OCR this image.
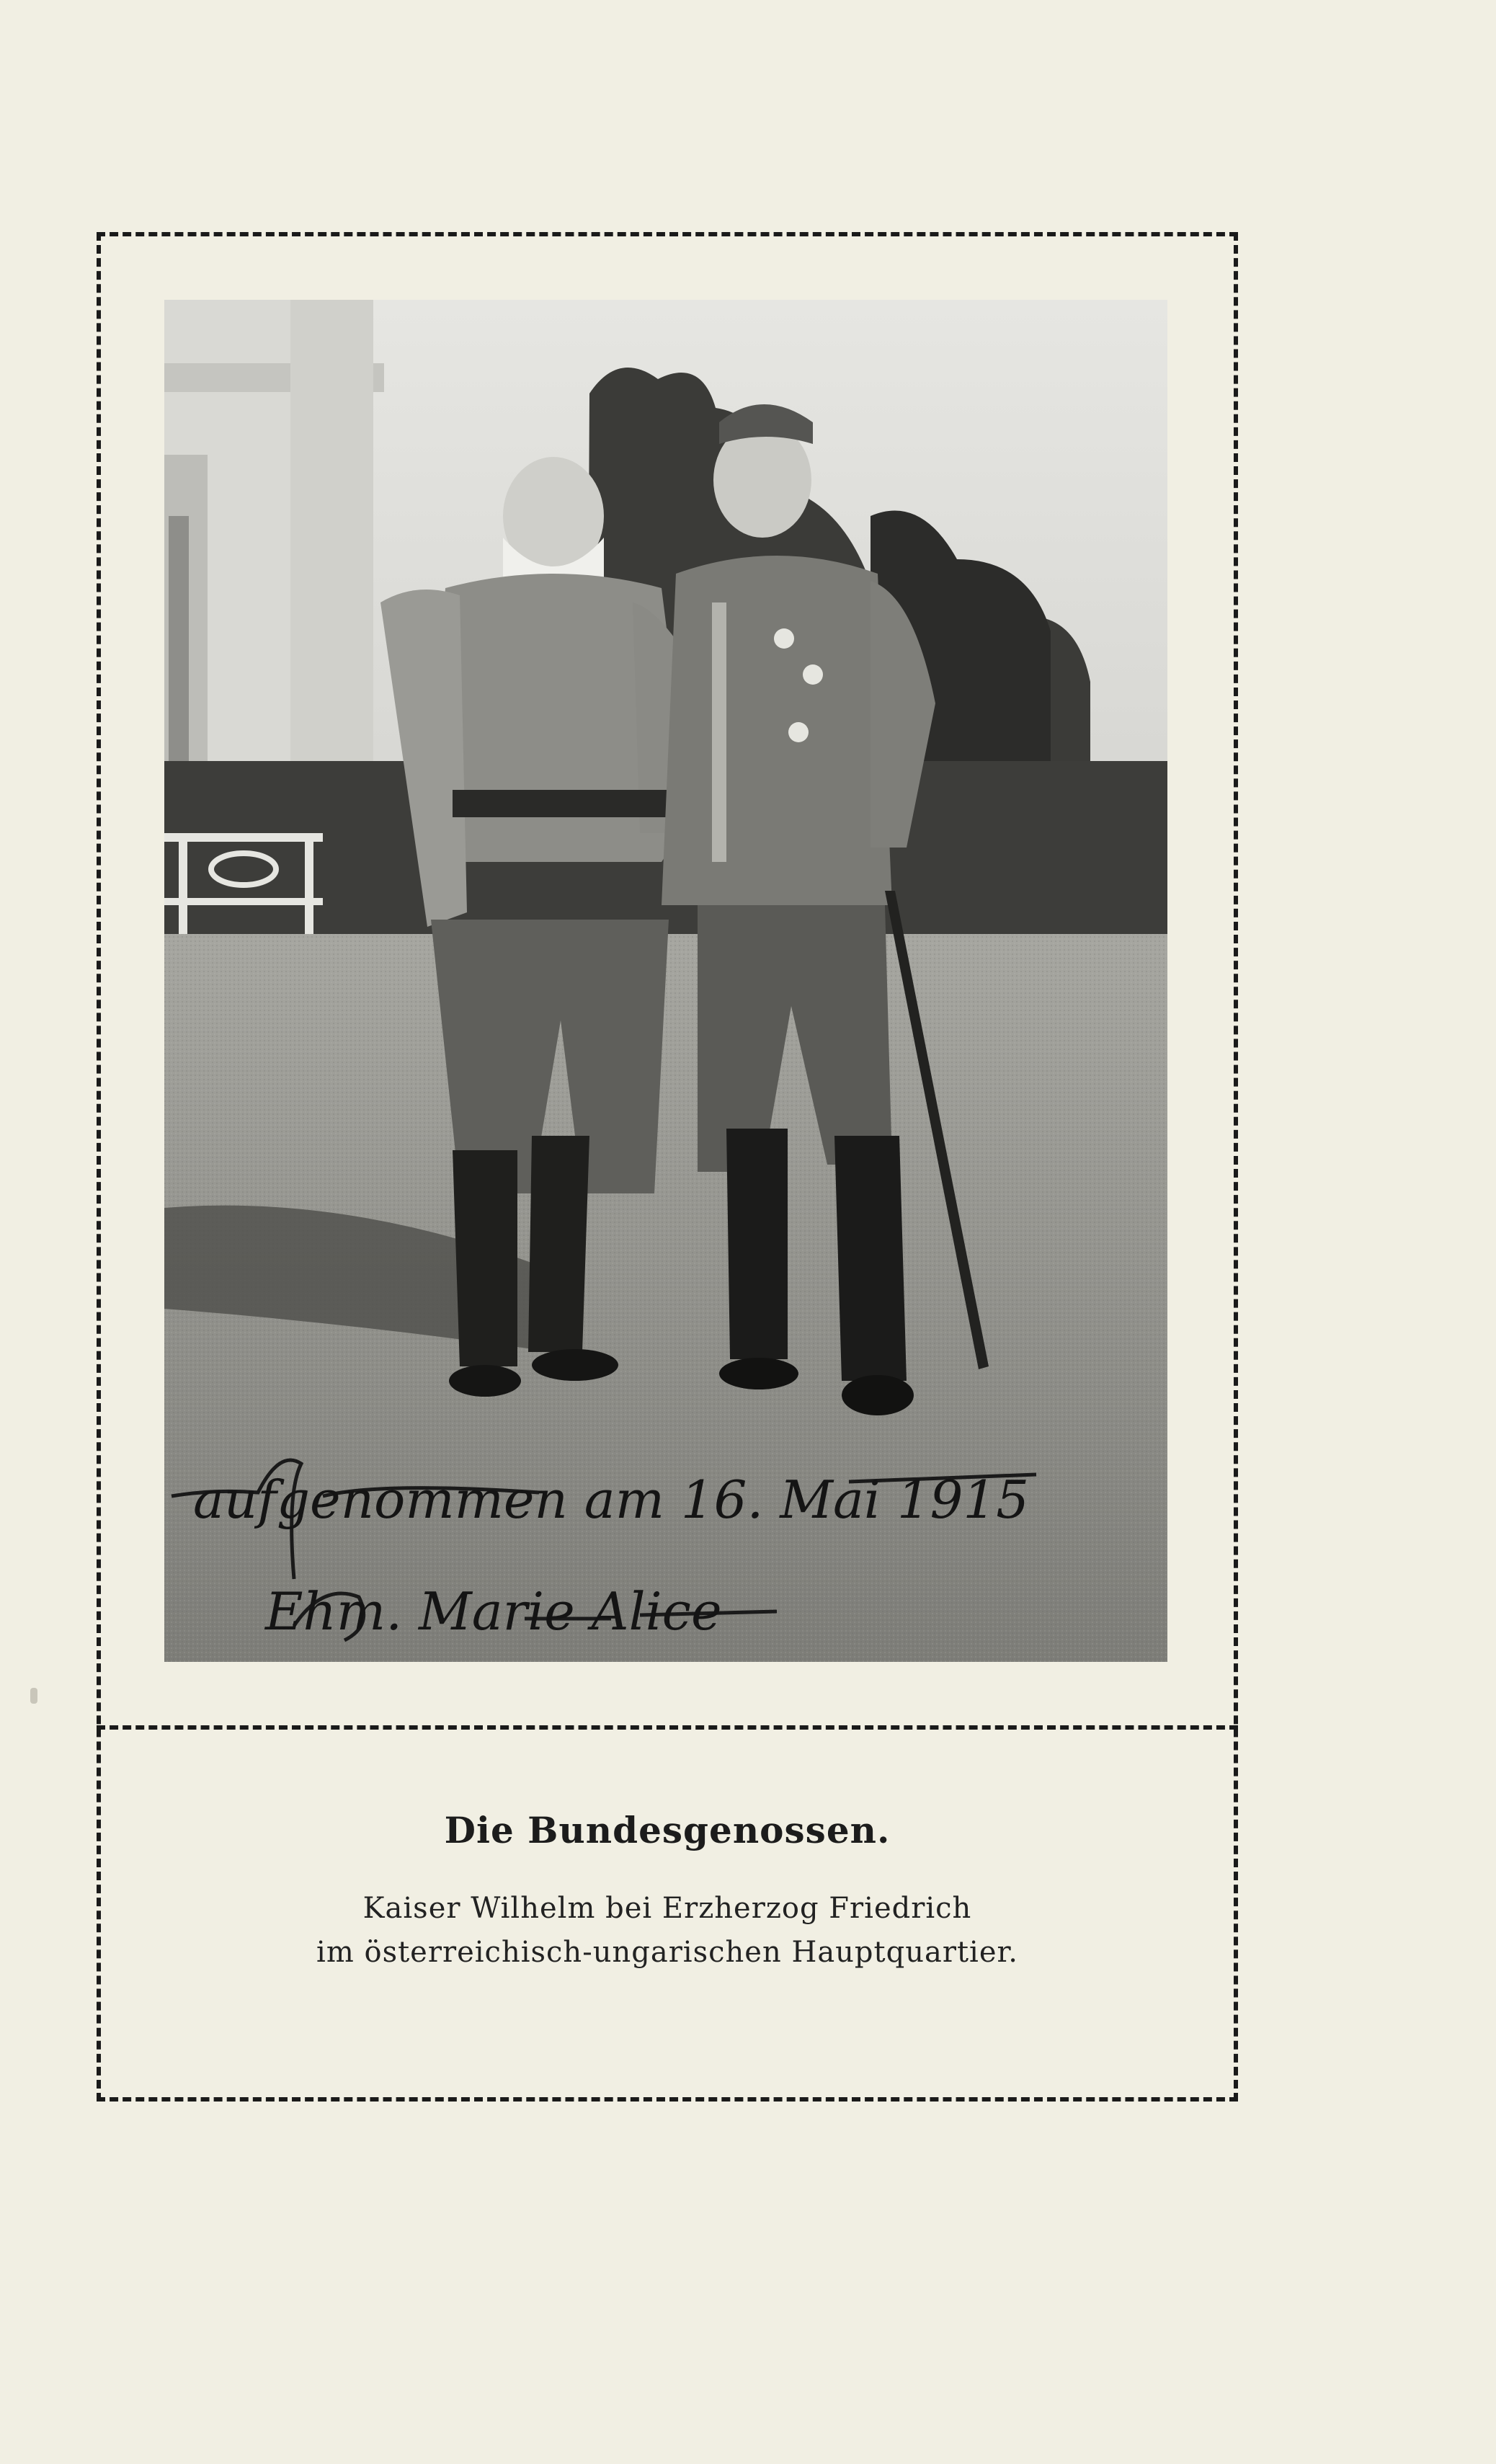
aufgenommen am 16. Mai 1915
Ehm. Marie Alice
Die Bundesgenossen.
Kaiser Wilhelm bei Erzherzog Friedrich
im österreichisch-ungarischen Hauptquartier.
